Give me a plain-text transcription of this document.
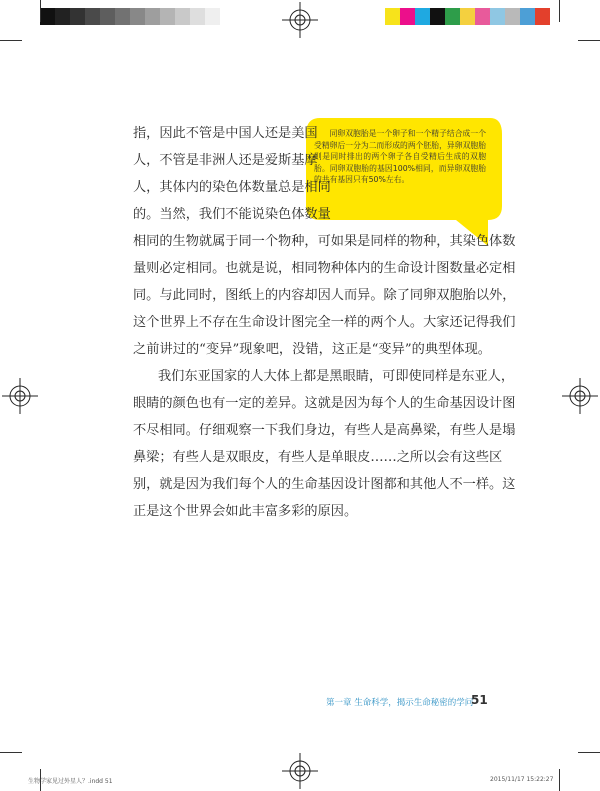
同卵双胞胎是一个卵子和一个精子结合成一个受精卵后一分为二而形成的两个胚胎，异卵双胞胎则是同时排出的两个卵子各自受精后生成的双胞胎。同卵双胞胎的基因100%相同，而异卵双胞胎的共有基因只有50%左右。
指，因此不管是中国人还是美国
人，不管是非洲人还是爱斯基摩
人，其体内的染色体数量总是相同
的。当然，我们不能说染色体数量
相同的生物就属于同一个物种，可如果是同样的物种，其染色体数
量则必定相同。也就是说，相同物种体内的生命设计图数量必定相
同。与此同时，图纸上的内容却因人而异。除了同卵双胞胎以外，
这个世界上不存在生命设计图完全一样的两个人。大家还记得我们
之前讲过的“变异”现象吧，没错，这正是“变异”的典型体现。
我们东亚国家的人大体上都是黑眼睛，可即使同样是东亚人，
眼睛的颜色也有一定的差异。这就是因为每个人的生命基因设计图
不尽相同。仔细观察一下我们身边，有些人是高鼻梁，有些人是塌
鼻梁；有些人是双眼皮，有些人是单眼皮……之所以会有这些区
别，就是因为我们每个人的生命基因设计图都和其他人不一样。这
正是这个世界会如此丰富多彩的原因。
第一章 生命科学，揭示生命秘密的学问
51
生物学家见过外星人？.indd 51	2015/11/17 15:22:27
